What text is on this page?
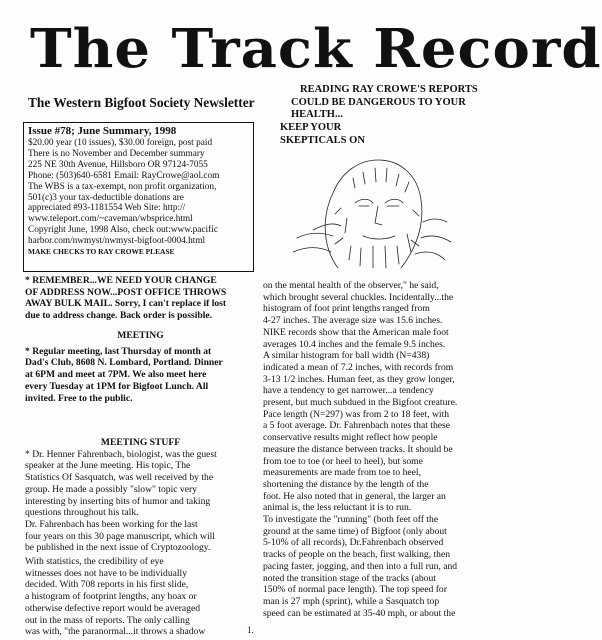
The Track Record
The Western Bigfoot Society Newsletter
READING RAY CROWE'S REPORTS
COULD BE DANGEROUS TO YOUR
HEALTH...
KEEP YOUR
SKEPTICALS ON
Issue #78; June Summary, 1998
$20.00 year (10 issues), $30.00 foreign, post paid
There is no November and December summary
225 NE 30th Avenue, Hillsboro OR 97124-7055
Phone: (503)640-6581 Email: RayCrowe@aol.com
The WBS is a tax-exempt, non profit organization,
501(c)3 your tax-deductible donations are
appreciated #93-1181554 Web Site: http://
www.teleport.com/~caveman/wbsprice.html
Copyright June, 1998 Also, check out:www.pacific
harbor.com/nwmyst/nwmyst-bigfoot-0004.html
MAKE CHECKS TO RAY CROWE PLEASE
* REMEMBER...WE NEED YOUR CHANGE
OF ADDRESS NOW...POST OFFICE THROWS
AWAY BULK MAIL. Sorry, I can't replace if lost
due to address change. Back order is possible.
MEETING
* Regular meeting, last Thursday of month at
Dad's Club, 8608 N. Lombard, Portland. Dinner
at 6PM and meet at 7PM. We also meet here
every Tuesday at 1PM for Bigfoot Lunch. All
invited. Free to the public.
MEETING STUFF
* Dr. Henner Fahrenbach, biologist, was the guest
speaker at the June meeting. His topic, The
Statistics Of Sasquatch, was well received by the
group. He made a possibly "slow" topic very
interesting by inserting bits of humor and taking
questions throughout his talk.
Dr. Fahrenbach has been working for the last
four years on this 30 page manuscript, which will
be published in the next issue of Cryptozoology.
With statistics, the credibility of eye
witnesses does not have to be individually
decided. With 708 reports in his first slide,
a histogram of footprint lengths, any hoax or
otherwise defective report would be averaged
out in the mass of reports. The only calling
was with, "the paranormal...it throws a shadow
on the mental health of the observer," he said,
which brought several chuckles. Incidentally...the
histogram of foot print lengths ranged from
4-27 inches. The average size was 15.6 inches.
NIKE records show that the American male foot
averages 10.4 inches and the female 9.5 inches.
A similar histogram for ball width (N=438)
indicated a mean of 7.2 inches, with records from
3-13 1/2 inches. Human feet, as they grow longer,
have a tendency to get narrower...a tendency
present, but much subdued in the Bigfoot creature.
Pace length (N=297) was from 2 to 18 feet, with
a 5 foot average. Dr. Fahrenbach notes that these
conservative results might reflect how people
measure the distance between tracks. It should be
from toe to toe (or heel to heel), but some
measurements are made from toe to heel,
shortening the distance by the length of the
foot. He also noted that in general, the larger an
animal is, the less reluctant it is to run.
To investigate the "running" (both feet off the
ground at the same time) of Bigfoot (only about
5-10% of all records), Dr.Fahrenbach observed
tracks of people on the beach, first walking, then
pacing faster, jogging, and then into a full run, and
noted the transition stage of the tracks (about
150% of normal pace length). The top speed for
man is 27 mph (sprint), while a Sasquatch top
speed can be estimated at 35-40 mph, or about the
1.
